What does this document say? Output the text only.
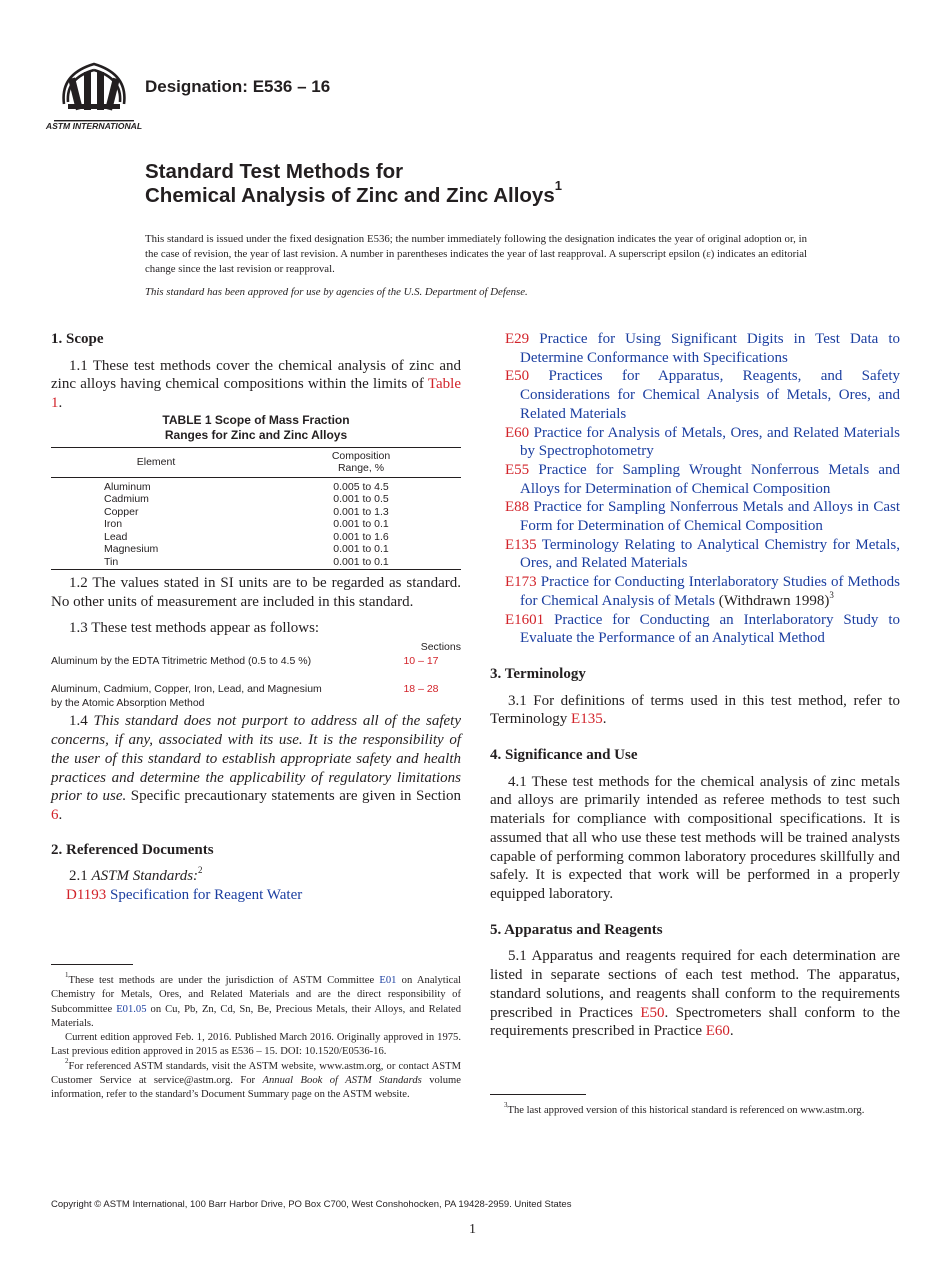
ASTM INTERNATIONAL
Designation: E536 – 16
Standard Test Methods for
Chemical Analysis of Zinc and Zinc Alloys$^1$
This standard is issued under the fixed designation E536; the number immediately following the designation indicates the year of original adoption or, in the case of revision, the year of last revision. A number in parentheses indicates the year of last reapproval. A superscript epsilon (ε) indicates an editorial change since the last revision or reapproval.
This standard has been approved for use by agencies of the U.S. Department of Defense.
1. Scope

1.1 These test methods cover the chemical analysis of zinc and zinc alloys having chemical compositions within the limits of Table 1.

TABLE 1 Scope of Mass Fraction
Ranges for Zinc and Zinc Alloys
Element	Composition
Range, %

Aluminum	0.005 to 4.5
Cadmium	0.001 to 0.5
Copper	0.001 to 1.3
Iron	0.001 to 0.1
Lead	0.001 to 1.6
Magnesium	0.001 to 0.1
Tin	0.001 to 0.1

1.2 The values stated in SI units are to be regarded as standard. No other units of measurement are included in this standard.

1.3 These test methods appear as follows:

Sections
Aluminum by the EDTA Titrimetric Method (0.5 to 4.5 %)	10 – 17
Aluminum, Cadmium, Copper, Iron, Lead, and Magnesium
by the Atomic Absorption Method
18 – 28

1.4 This standard does not purport to address all of the safety concerns, if any, associated with its use. It is the responsibility of the user of this standard to establish appropriate safety and health practices and determine the applicability of regulatory limitations prior to use. Specific precautionary statements are given in Section 6.

2. Referenced Documents

2.1 ASTM Standards:$^2$

D1193 Specification for Reagent Water

E29 Practice for Using Significant Digits in Test Data to Determine Conformance with Specifications

E50 Practices for Apparatus, Reagents, and Safety Considerations for Chemical Analysis of Metals, Ores, and Related Materials

E60 Practice for Analysis of Metals, Ores, and Related Materials by Spectrophotometry

E55 Practice for Sampling Wrought Nonferrous Metals and Alloys for Determination of Chemical Composition

E88 Practice for Sampling Nonferrous Metals and Alloys in Cast Form for Determination of Chemical Composition

E135 Terminology Relating to Analytical Chemistry for Metals, Ores, and Related Materials

E173 Practice for Conducting Interlaboratory Studies of Methods for Chemical Analysis of Metals (Withdrawn 1998)$^3$

E1601 Practice for Conducting an Interlaboratory Study to Evaluate the Performance of an Analytical Method

3. Terminology

3.1 For definitions of terms used in this test method, refer to Terminology E135.

4. Significance and Use

4.1 These test methods for the chemical analysis of zinc metals and alloys are primarily intended as referee methods to test such materials for compliance with compositional specifications. It is assumed that all who use these test methods will be trained analysts capable of performing common laboratory procedures skillfully and safely. It is expected that work will be performed in a properly equipped laboratory.

5. Apparatus and Reagents

5.1 Apparatus and reagents required for each determination are listed in separate sections of each test method. The apparatus, standard solutions, and reagents shall conform to the requirements prescribed in Practices E50. Spectrometers shall conform to the requirements prescribed in Practice E60.

$^1$These test methods are under the jurisdiction of ASTM Committee E01 on Analytical Chemistry for Metals, Ores, and Related Materials and are the direct responsibility of Subcommittee E01.05 on Cu, Pb, Zn, Cd, Sn, Be, Precious Metals, their Alloys, and Related Materials.

Current edition approved Feb. 1, 2016. Published March 2016. Originally approved in 1975. Last previous edition approved in 2015 as E536 – 15. DOI: 10.1520/E0536-16.

$^2$For referenced ASTM standards, visit the ASTM website, www.astm.org, or contact ASTM Customer Service at service@astm.org. For Annual Book of ASTM Standards volume information, refer to the standard’s Document Summary page on the ASTM website.

$^3$The last approved version of this historical standard is referenced on www.astm.org.

Copyright © ASTM International, 100 Barr Harbor Drive, PO Box C700, West Conshohocken, PA 19428-2959. United States
1
